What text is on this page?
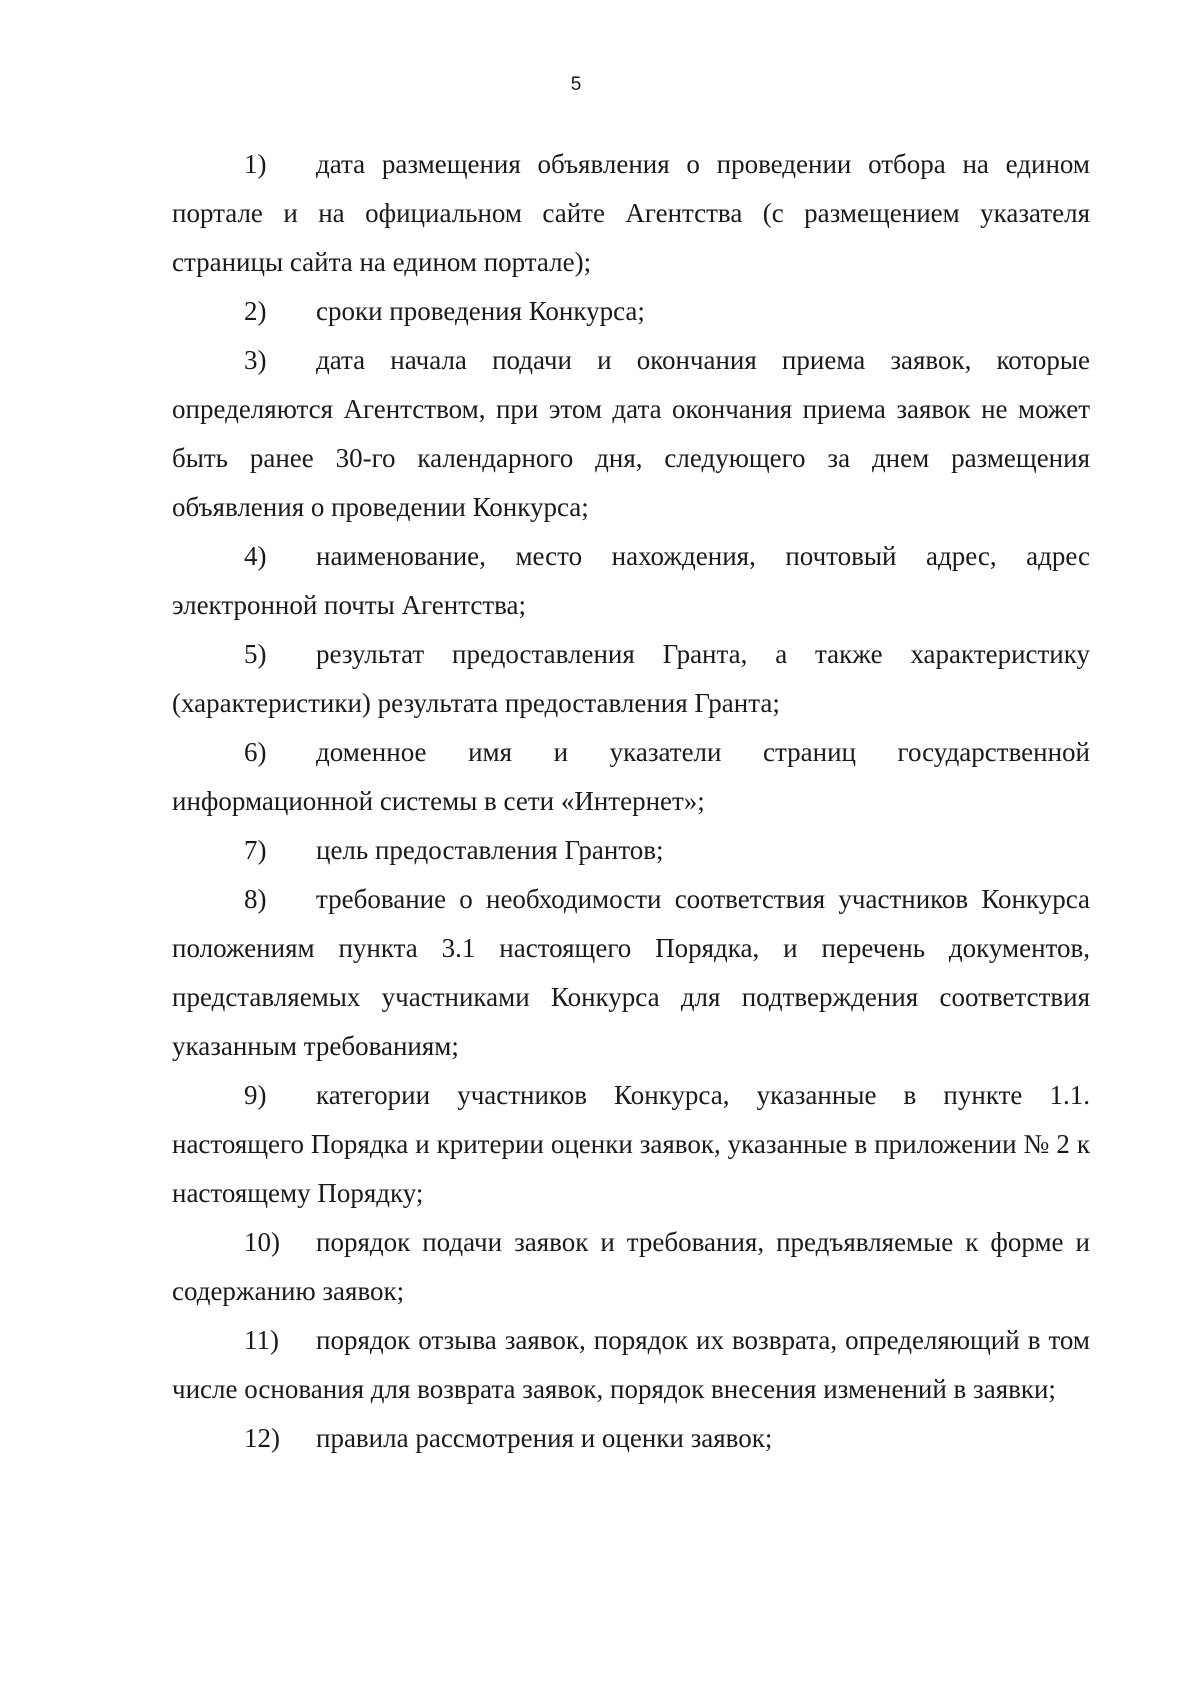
5

1) дата размещения объявления о проведении отбора на едином портале и на официальном сайте Агентства (с размещением указателя страницы сайта на едином портале);

2) сроки проведения Конкурса;

3) дата начала подачи и окончания приема заявок, которые определяются Агентством, при этом дата окончания приема заявок не может быть ранее 30-го календарного дня, следующего за днем размещения объявления о проведении Конкурса;

4) наименование, место нахождения, почтовый адрес, адрес электронной почты Агентства;

5) результат предоставления Гранта, а также характеристику (характеристики) результата предоставления Гранта;

6) доменное имя и указатели страниц государственной информационной системы в сети «Интернет»;

7) цель предоставления Грантов;

8) требование о необходимости соответствия участников Конкурса положениям пункта 3.1 настоящего Порядка, и перечень документов, представляемых участниками Конкурса для подтверждения соответствия указанным требованиям;

9) категории участников Конкурса, указанные в пункте 1.1. настоящего Порядка и критерии оценки заявок, указанные в приложении № 2 к настоящему Порядку;

10) порядок подачи заявок и требования, предъявляемые к форме и содержанию заявок;

11) порядок отзыва заявок, порядок их возврата, определяющий в том числе основания для возврата заявок, порядок внесения изменений в заявки;

12) правила рассмотрения и оценки заявок;
